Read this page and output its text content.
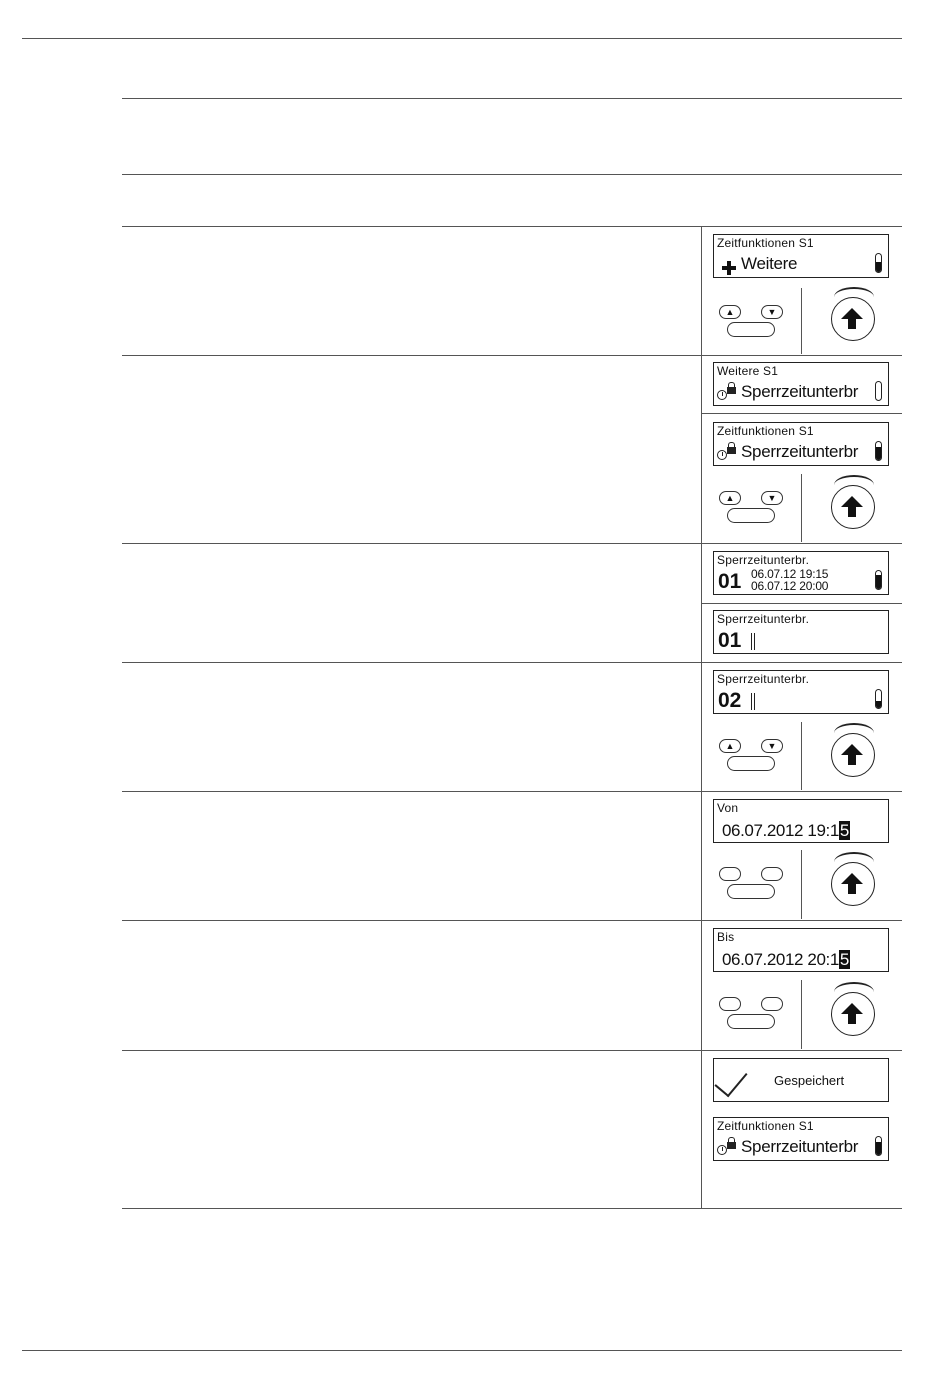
Zeitfunktionen S1
Weitere
▲	▼
Weitere S1
Sperrzeitunterbr
Zeitfunktionen S1
Sperrzeitunterbr
▲	▼
Sperrzeitunterbr.
01 06.07.12 19:15
06.07.12 20:00
Sperrzeitunterbr.
01
Sperrzeitunterbr.
02
▲	▼
Von
06.07.2012 19:15
Bis
06.07.2012 20:15
Gespeichert
Zeitfunktionen S1
Sperrzeitunterbr
